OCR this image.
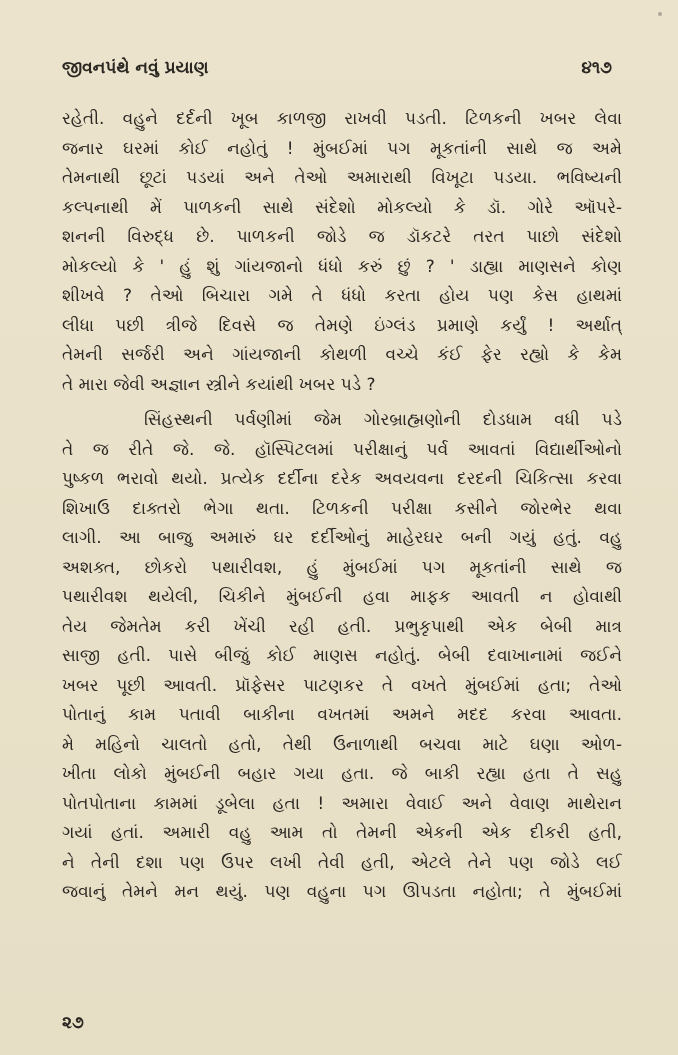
જીવનપંથે નવું પ્રયાણ	૪૧૭

રહેતી. વહુને દર્દની ખૂબ કાળજી રાખવી પડતી. ટિળકની ખબર લેવા

જનાર ઘરમાં કોઈ નહોતું ! મુંબઈમાં પગ મૂકતાંની સાથે જ અમે

તેમનાથી છૂટાં પડયાં અને તેઓ અમારાથી વિખૂટા પડયા. ભવિષ્યની

કલ્પનાથી મેં પાળકની સાથે સંદેશો મોકલ્યો કે ડૉ. ગોરે ઑપરે-

શનની વિરુદ્ધ છે. પાળકની જોડે જ ડૉકટરે તરત પાછો સંદેશો

મોકલ્યો કે ' હું શું ગાંયજાનો ધંધો કરું છું ? ' ડાહ્યા માણસને કોણ

શીખવે ? તેઓ બિચારા ગમે તે ધંધો કરતા હોય પણ કેસ હાથમાં

લીધા પછી ત્રીજે દિવસે જ તેમણે ઇંગ્લંડ પ્રમાણે કર્યું ! અર્થાત્

તેમની સર્જરી અને ગાંયજાની કોથળી વચ્ચે કંઈ ફેર રહ્યો કે કેમ

તે મારા જેવી અજ્ઞાન સ્ત્રીને કયાંથી ખબર પડે ?

સિંહસ્થની પર્વણીમાં જેમ ગોરબ્રાહ્મણોની દોડધામ વધી પડે

તે જ રીતે જે. જે. હૉસ્પિટલમાં પરીક્ષાનું પર્વ આવતાં વિદ્યાર્થીઓનો

પુષ્કળ ભરાવો થયો. પ્રત્યેક દર્દીના દરેક અવયવના દરદની ચિકિત્સા કરવા

શિખાઉ દાક્તરો ભેગા થતા. ટિળકની પરીક્ષા કસીને જોરભેર થવા

લાગી. આ બાજુ અમારું ઘર દર્દીઓનું માહેરઘર બની ગયું હતું. વહુ

અશક્ત, છોકરો પથારીવશ, હું મુંબઈમાં પગ મૂકતાંની સાથે જ

પથારીવશ થયેલી, ચિકીને મુંબઈની હવા માફક આવતી ન હોવાથી

તેય જેમતેમ કરી ખેંચી રહી હતી. પ્રભુકૃપાથી એક બેબી માત્ર

સાજી હતી. પાસે બીજું કોઈ માણસ નહોતું. બેબી દવાખાનામાં જઈને

ખબર પૂછી આવતી. પ્રૉફેસર પાટણકર તે વખતે મુંબઈમાં હતા; તેઓ

પોતાનું કામ પતાવી બાકીના વખતમાં અમને મદદ કરવા આવતા.

મે મહિનો ચાલતો હતો, તેથી ઉનાળાથી બચવા માટે ઘણા ઓળ-

ખીતા લોકો મુંબઈની બહાર ગયા હતા. જે બાકી રહ્યા હતા તે સહુ

પોતપોતાના કામમાં ડૂબેલા હતા ! અમારા વેવાઈ અને વેવાણ માથેરાન

ગયાં હતાં. અમારી વહુ આમ તો તેમની એકની એક દીકરી હતી,

ને તેની દશા પણ ઉપર લખી તેવી હતી, એટલે તેને પણ જોડે લઈ

જવાનું તેમને મન થયું. પણ વહુના પગ ઊપડતા નહોતા; તે મુંબઈમાં

૨૭
